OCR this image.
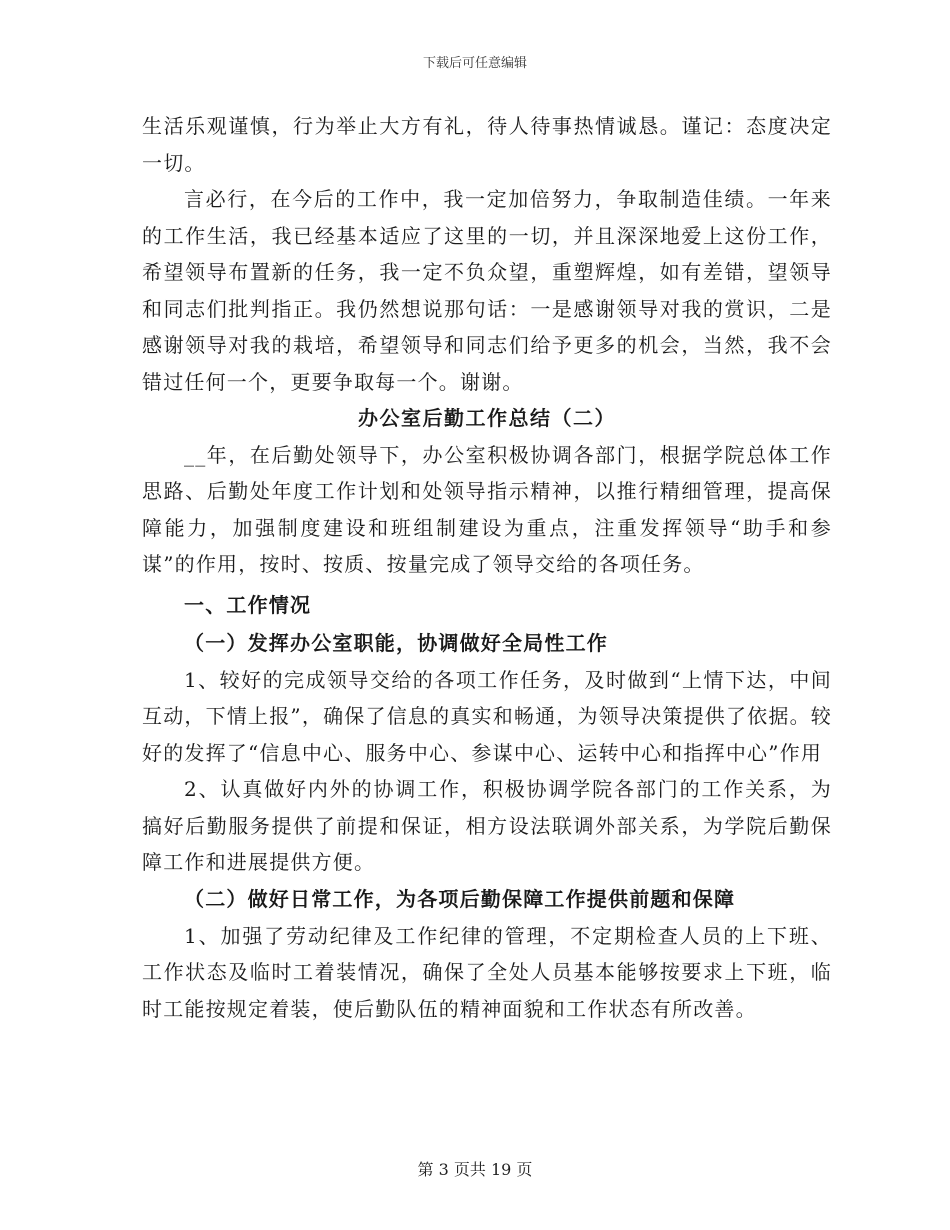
下载后可任意编辑

生活乐观谨慎，行为举止大方有礼，待人待事热情诚恳。谨记：态度决定一切。

言必行，在今后的工作中，我一定加倍努力，争取制造佳绩。一年来的工作生活，我已经基本适应了这里的一切，并且深深地爱上这份工作，希望领导布置新的任务，我一定不负众望，重塑辉煌，如有差错，望领导和同志们批判指正。我仍然想说那句话：一是感谢领导对我的赏识，二是感谢领导对我的栽培，希望领导和同志们给予更多的机会，当然，我不会错过任何一个，更要争取每一个。谢谢。

办公室后勤工作总结（二）

__年，在后勤处领导下，办公室积极协调各部门，根据学院总体工作思路、后勤处年度工作计划和处领导指示精神，以推行精细管理，提高保障能力，加强制度建设和班组制建设为重点，注重发挥领导“助手和参谋”的作用，按时、按质、按量完成了领导交给的各项任务。

一、工作情况

（一）发挥办公室职能，协调做好全局性工作

1、较好的完成领导交给的各项工作任务，及时做到“上情下达，中间互动，下情上报”，确保了信息的真实和畅通，为领导决策提供了依据。较好的发挥了“信息中心、服务中心、参谋中心、运转中心和指挥中心”作用

2、认真做好内外的协调工作，积极协调学院各部门的工作关系，为搞好后勤服务提供了前提和保证，相方设法联调外部关系，为学院后勤保障工作和进展提供方便。

（二）做好日常工作，为各项后勤保障工作提供前题和保障

1、加强了劳动纪律及工作纪律的管理，不定期检查人员的上下班、工作状态及临时工着装情况，确保了全处人员基本能够按要求上下班，临时工能按规定着装，使后勤队伍的精神面貌和工作状态有所改善。

第 3 页共 19 页
